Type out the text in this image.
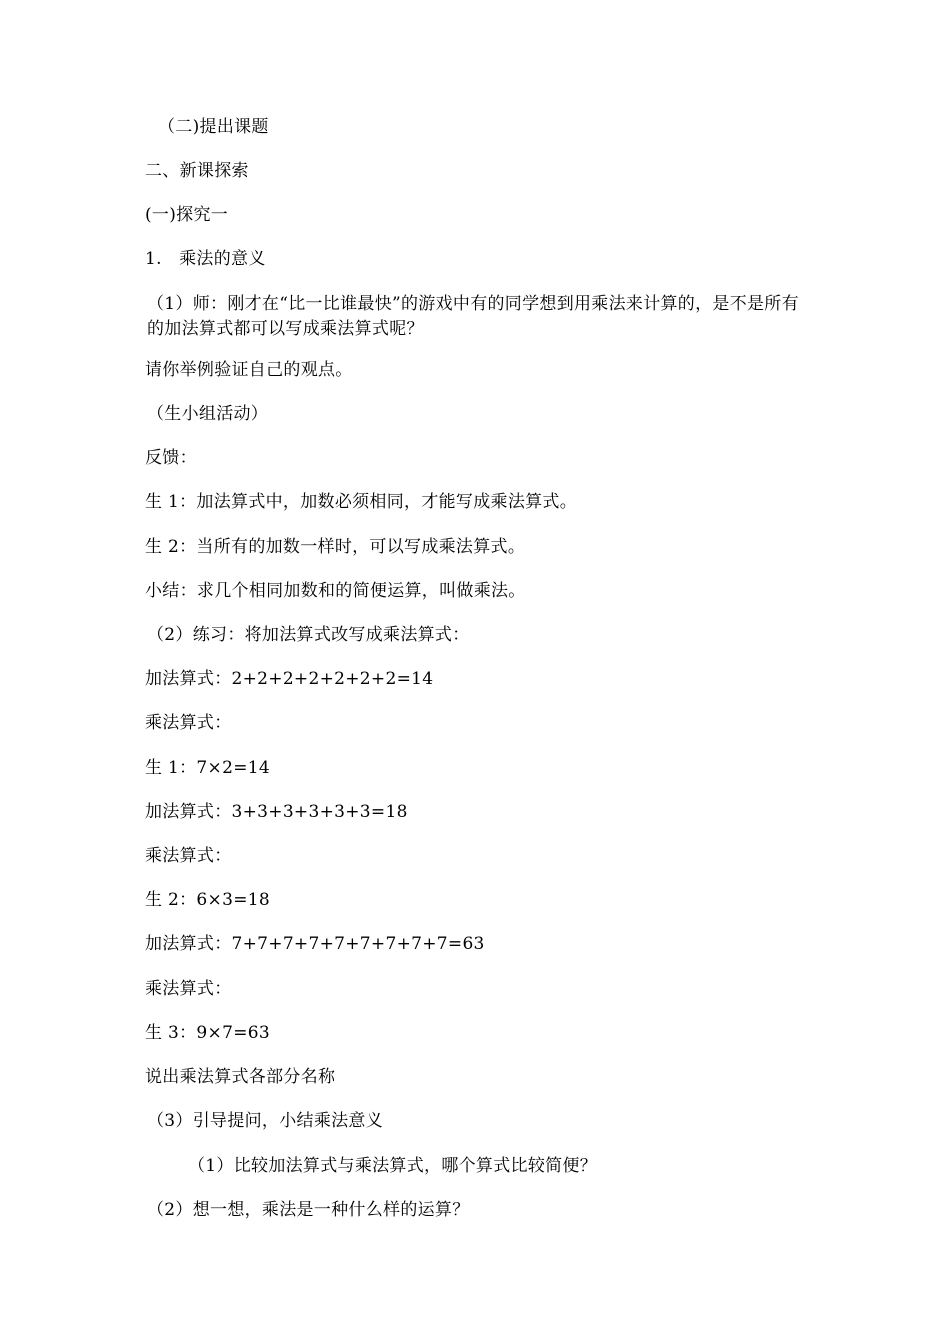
（二)提出课题
二、新课探索
(一)探究一
1.　乘法的意义
（1）师：刚才在“比一比谁最快”的游戏中有的同学想到用乘法来计算的，是不是所有的加法算式都可以写成乘法算式呢？
请你举例验证自己的观点。
（生小组活动）
反馈：
生 1：加法算式中，加数必须相同，才能写成乘法算式。
生 2：当所有的加数一样时，可以写成乘法算式。
小结：求几个相同加数和的简便运算，叫做乘法。
（2）练习：将加法算式改写成乘法算式：
加法算式：2+2+2+2+2+2+2=14
乘法算式：
生 1：7×2=14
加法算式：3+3+3+3+3+3=18
乘法算式：
生 2：6×3=18
加法算式：7+7+7+7+7+7+7+7+7=63
乘法算式：
生 3：9×7=63
说出乘法算式各部分名称
（3）引导提问，小结乘法意义
（1）比较加法算式与乘法算式，哪个算式比较简便？
（2）想一想，乘法是一种什么样的运算？
